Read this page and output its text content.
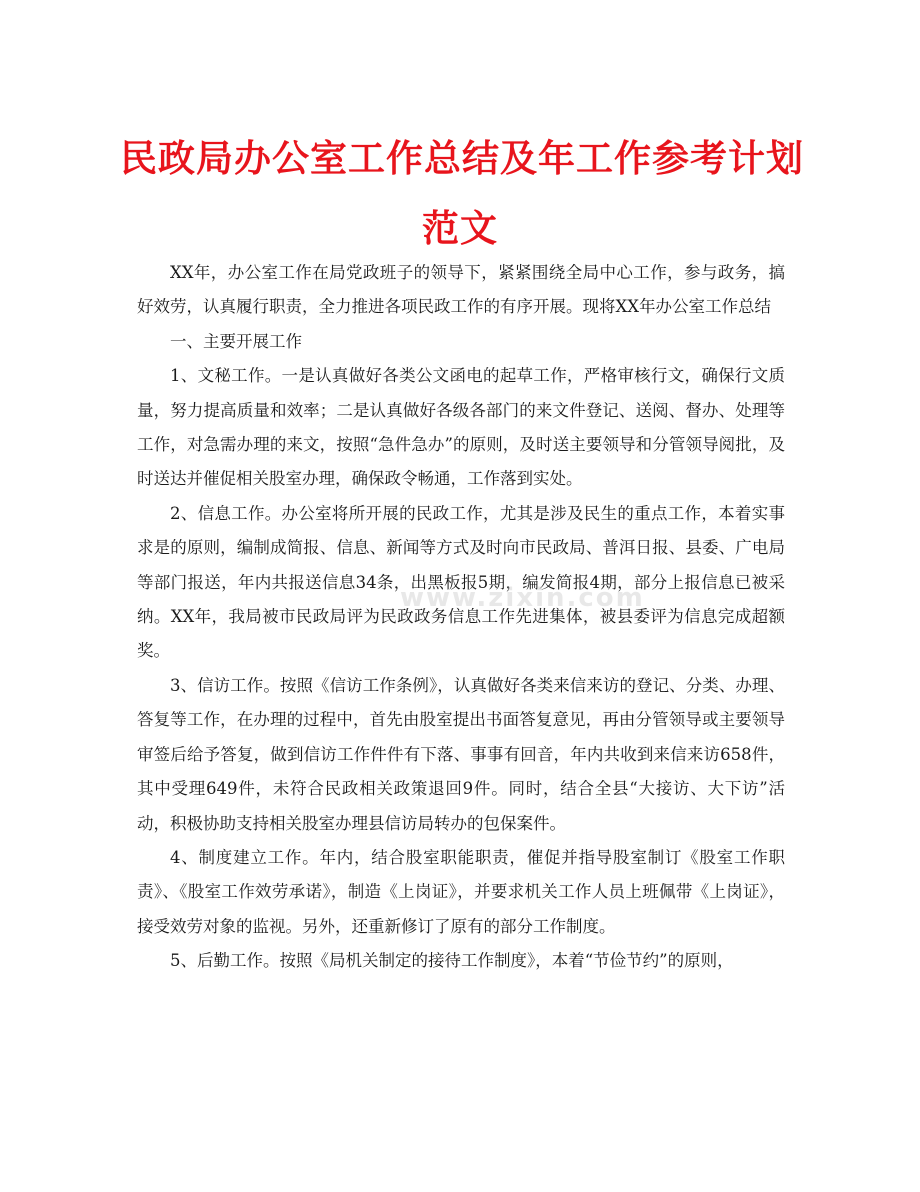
民政局办公室工作总结及年工作参考计划
范文

XX年，办公室工作在局党政班子的领导下，紧紧围绕全局中心工作，参与政务，搞好效劳，认真履行职责，全力推进各项民政工作的有序开展。现将XX年办公室工作总结

一、主要开展工作

1、文秘工作。一是认真做好各类公文函电的起草工作，严格审核行文，确保行文质量，努力提高质量和效率；二是认真做好各级各部门的来文件登记、送阅、督办、处理等工作，对急需办理的来文，按照“急件急办”的原则，及时送主要领导和分管领导阅批，及时送达并催促相关股室办理，确保政令畅通，工作落到实处。

2、信息工作。办公室将所开展的民政工作，尤其是涉及民生的重点工作，本着实事求是的原则，编制成简报、信息、新闻等方式及时向市民政局、普洱日报、县委、广电局等部门报送，年内共报送信息34条，出黑板报5期，编发简报4期，部分上报信息已被采纳。XX年，我局被市民政局评为民政政务信息工作先进集体，被县委评为信息完成超额奖。

3、信访工作。按照《信访工作条例》，认真做好各类来信来访的登记、分类、办理、答复等工作，在办理的过程中，首先由股室提出书面答复意见，再由分管领导或主要领导审签后给予答复，做到信访工作件件有下落、事事有回音，年内共收到来信来访658件，其中受理649件，未符合民政相关政策退回9件。同时，结合全县“大接访、大下访”活动，积极协助支持相关股室办理县信访局转办的包保案件。

4、制度建立工作。年内，结合股室职能职责，催促并指导股室制订《股室工作职责》、《股室工作效劳承诺》，制造《上岗证》，并要求机关工作人员上班佩带《上岗证》，接受效劳对象的监视。另外，还重新修订了原有的部分工作制度。

5、后勤工作。按照《局机关制定的接待工作制度》，本着“节俭节约”的原则，

www.zixin.com
